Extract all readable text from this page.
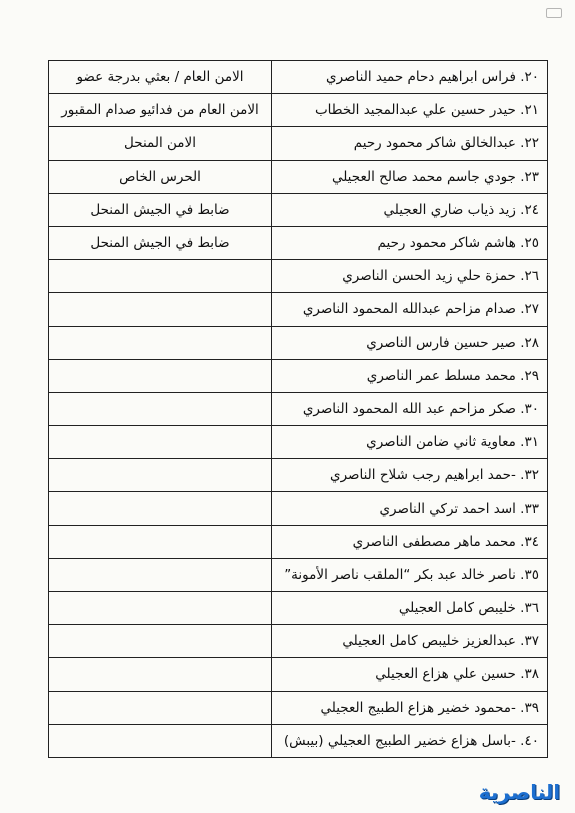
٢٠. فراس ابراهيم دحام حميد الناصري	الامن العام / بعثي بدرجة عضو
٢١. حيدر حسين علي عبدالمجيد الخطاب	الامن العام من فدائيو صدام المقبور
٢٢. عبدالخالق شاكر محمود رحيم	الامن المنحل
٢٣. جودي جاسم محمد صالح العجيلي	الحرس الخاص
٢٤. زيد ذياب ضاري العجيلي	ضابط في الجيش المنحل
٢٥. هاشم شاكر محمود رحيم	ضابط في الجيش المنحل
٢٦. حمزة حلي زيد الحسن الناصري	
٢٧. صدام مزاحم عبدالله المحمود الناصري	
٢٨. صير حسين فارس الناصري	
٢٩. محمد مسلط عمر الناصري	
٣٠. صكر مزاحم عبد الله المحمود الناصري	
٣١. معاوية ثاني ضامن الناصري	
٣٢. -حمد ابراهيم رجب شلاح الناصري	
٣٣. اسد احمد تركي الناصري	
٣٤. محمد ماهر مصطفى الناصري	
٣٥. ناصر خالد عبد بكر “الملقب ناصر الأمونة”	
٣٦. خليبص كامل العجيلي	
٣٧. عبدالعزيز خليبص كامل العجيلي	
٣٨. حسين علي هزاع العجيلي	
٣٩. -محمود خضير هزاع الطبيج العجيلي	
٤٠. -باسل هزاع خضير الطبيج العجيلي (بيبش)	
الناصرية
